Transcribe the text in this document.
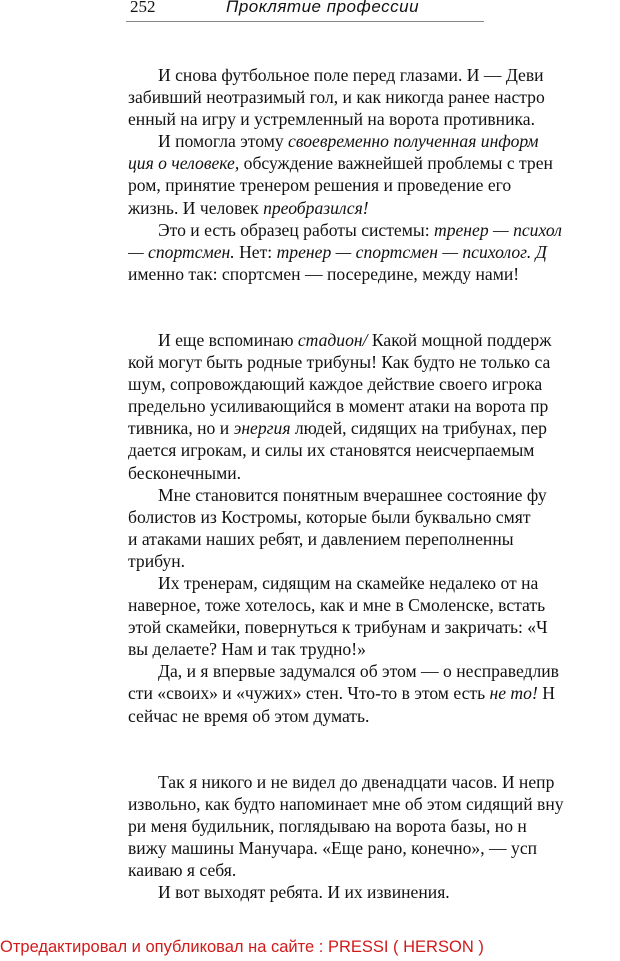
252	Проклятие профессии
И снова футбольное поле перед глазами. И — Деви
забивший неотразимый гол, и как никогда ранее настро
енный на игру и устремленный на ворота противника.
И помогла этому своевременно полученная информ
ция о человеке, обсуждение важнейшей проблемы с трен
ром, принятие тренером решения и проведение его
жизнь. И человек преобразился!
Это и есть образец работы системы: тренер — психол
— спортсмен. Нет: тренер — спортсмен — психолог. Д
именно так: спортсмен — посередине, между нами!
И еще вспоминаю стадион/ Какой мощной поддерж
кой могут быть родные трибуны! Как будто не только са
шум, сопровождающий каждое действие своего игрока
предельно усиливающийся в момент атаки на ворота пр
тивника, но и энергия людей, сидящих на трибунах, пер
дается игрокам, и силы их становятся неисчерпаемым
бесконечными.
Мне становится понятным вчерашнее состояние фу
болистов из Костромы, которые были буквально смят
и атаками наших ребят, и давлением переполненны
трибун.
Их тренерам, сидящим на скамейке недалеко от на
наверное, тоже хотелось, как и мне в Смоленске, встать
этой скамейки, повернуться к трибунам и закричать: «Ч
вы делаете? Нам и так трудно!»
Да, и я впервые задумался об этом — о несправедлив
сти «своих» и «чужих» стен. Что-то в этом есть не то! Н
сейчас не время об этом думать.
Так я никого и не видел до двенадцати часов. И непр
извольно, как будто напоминает мне об этом сидящий вну
ри меня будильник, поглядываю на ворота базы, но н
вижу машины Манучара. «Еще рано, конечно», — усп
каиваю я себя.
И вот выходят ребята. И их извинения.
Отредактировал и опубликовал на сайте : PRESSI ( HERSON )
